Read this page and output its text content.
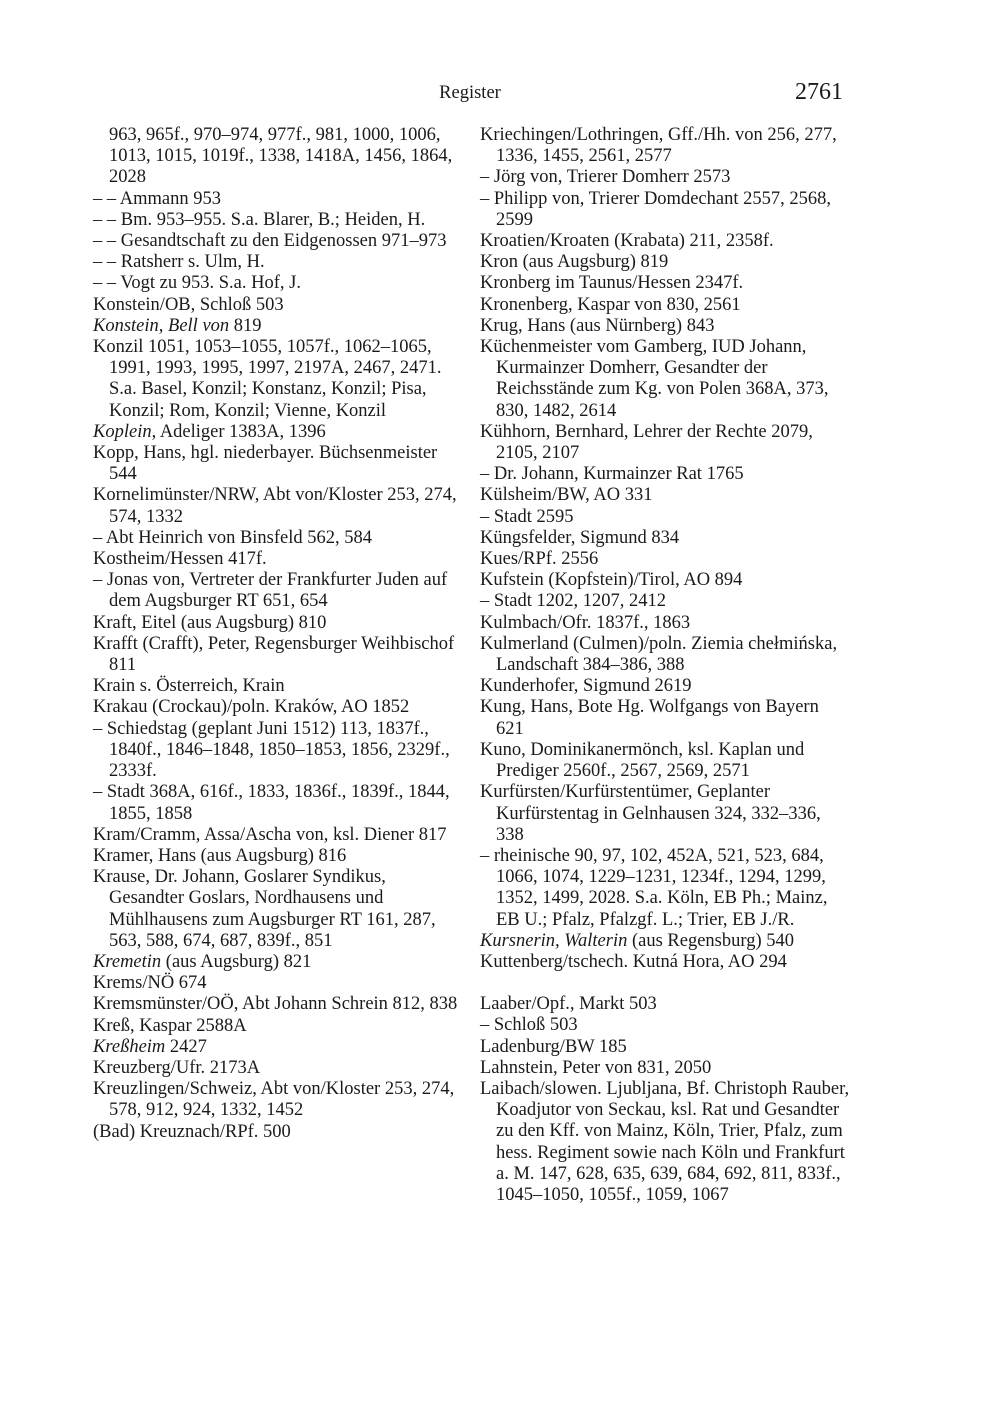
Register	2761

963, 965f., 970–974, 977f., 981, 1000, 1006, 1013, 1015, 1019f., 1338, 1418A, 1456, 1864, 2028

– – Ammann 953

– – Bm. 953–955. S.a. Blarer, B.; Heiden, H.

– – Gesandtschaft zu den Eidgenossen 971–973

– – Ratsherr s. Ulm, H.

– – Vogt zu 953. S.a. Hof, J.

Konstein/OB, Schloß 503

Konstein, Bell von 819

Konzil 1051, 1053–1055, 1057f., 1062–1065, 1991, 1993, 1995, 1997, 2197A, 2467, 2471. S.a. Basel, Konzil; Konstanz, Konzil; Pisa, Konzil; Rom, Konzil; Vienne, Konzil

Koplein, Adeliger 1383A, 1396

Kopp, Hans, hgl. niederbayer. Büchsenmeister 544

Kornelimünster/NRW, Abt von/Kloster 253, 274, 574, 1332

– Abt Heinrich von Binsfeld 562, 584

Kostheim/Hessen 417f.

– Jonas von, Vertreter der Frankfurter Juden auf dem Augsburger RT 651, 654

Kraft, Eitel (aus Augsburg) 810

Krafft (Crafft), Peter, Regensburger Weihbischof 811

Krain s. Österreich, Krain

Krakau (Crockau)/poln. Kraków, AO 1852

– Schiedstag (geplant Juni 1512) 113, 1837f., 1840f., 1846–1848, 1850–1853, 1856, 2329f., 2333f.

– Stadt 368A, 616f., 1833, 1836f., 1839f., 1844, 1855, 1858

Kram/Cramm, Assa/Ascha von, ksl. Diener 817

Kramer, Hans (aus Augsburg) 816

Krause, Dr. Johann, Goslarer Syndikus, Gesandter Goslars, Nordhausens und Mühlhausens zum Augsburger RT 161, 287, 563, 588, 674, 687, 839f., 851

Kremetin (aus Augsburg) 821

Krems/NÖ 674

Kremsmünster/OÖ, Abt Johann Schrein 812, 838

Kreß, Kaspar 2588A

Kreßheim 2427

Kreuzberg/Ufr. 2173A

Kreuzlingen/Schweiz, Abt von/Kloster 253, 274, 578, 912, 924, 1332, 1452

(Bad) Kreuznach/RPf. 500

Kriechingen/Lothringen, Gff./Hh. von 256, 277, 1336, 1455, 2561, 2577

– Jörg von, Trierer Domherr 2573

– Philipp von, Trierer Domdechant 2557, 2568, 2599

Kroatien/Kroaten (Krabata) 211, 2358f.

Kron (aus Augsburg) 819

Kronberg im Taunus/Hessen 2347f.

Kronenberg, Kaspar von 830, 2561

Krug, Hans (aus Nürnberg) 843

Küchenmeister vom Gamberg, IUD Johann, Kurmainzer Domherr, Gesandter der Reichsstände zum Kg. von Polen 368A, 373, 830, 1482, 2614

Kühhorn, Bernhard, Lehrer der Rechte 2079, 2105, 2107

– Dr. Johann, Kurmainzer Rat 1765

Külsheim/BW, AO 331

– Stadt 2595

Küngsfelder, Sigmund 834

Kues/RPf. 2556

Kufstein (Kopfstein)/Tirol, AO 894

– Stadt 1202, 1207, 2412

Kulmbach/Ofr. 1837f., 1863

Kulmerland (Culmen)/poln. Ziemia chełmińska, Landschaft 384–386, 388

Kunderhofer, Sigmund 2619

Kung, Hans, Bote Hg. Wolfgangs von Bayern 621

Kuno, Dominikanermönch, ksl. Kaplan und Prediger 2560f., 2567, 2569, 2571

Kurfürsten/Kurfürstentümer, Geplanter Kurfürstentag in Gelnhausen 324, 332–336, 338

– rheinische 90, 97, 102, 452A, 521, 523, 684, 1066, 1074, 1229–1231, 1234f., 1294, 1299, 1352, 1499, 2028. S.a. Köln, EB Ph.; Mainz, EB U.; Pfalz, Pfalzgf. L.; Trier, EB J./R.

Kursnerin, Walterin (aus Regensburg) 540

Kuttenberg/tschech. Kutná Hora, AO 294

Laaber/Opf., Markt 503

– Schloß 503

Ladenburg/BW 185

Lahnstein, Peter von 831, 2050

Laibach/slowen. Ljubljana, Bf. Christoph Rauber, Koadjutor von Seckau, ksl. Rat und Gesandter zu den Kff. von Mainz, Köln, Trier, Pfalz, zum hess. Regiment sowie nach Köln und Frankfurt a. M. 147, 628, 635, 639, 684, 692, 811, 833f., 1045–1050, 1055f., 1059, 1067
